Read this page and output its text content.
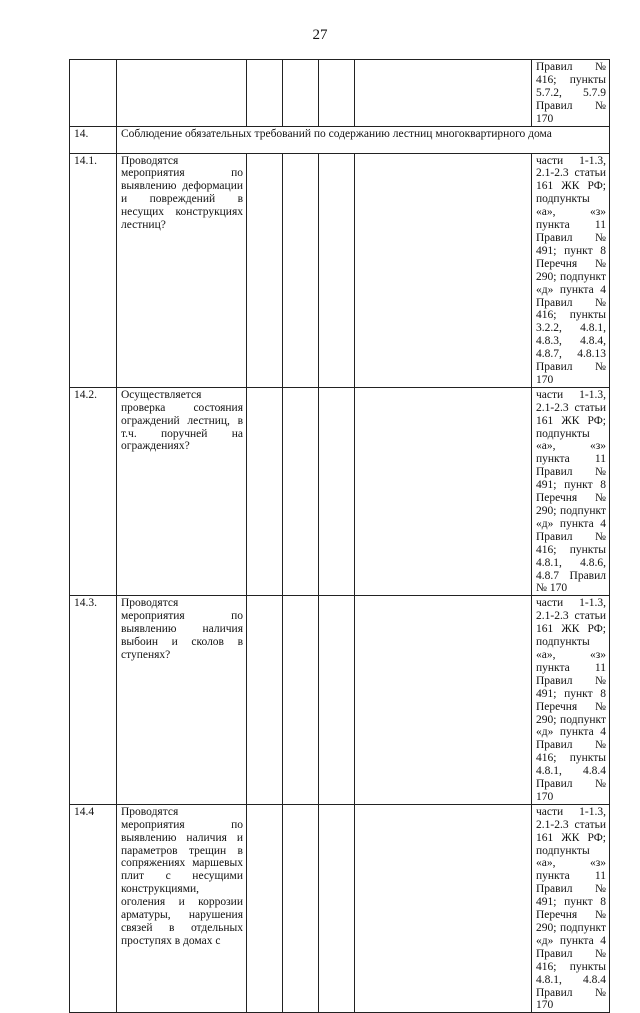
27
						Правил № 416; пункты 5.7.2, 5.7.9 Правил № 170
14.	Соблюдение обязательных требований по содержанию лестниц многоквартирного дома					
14.1.	Проводятся мероприятия по выявлению деформации и повреждений в несущих конструкциях лестниц?					части 1-1.3, 2.1-2.3 статьи 161 ЖК РФ; подпункты «а», «з» пункта 11 Правил № 491; пункт 8 Перечня № 290; подпункт «д» пункта 4 Правил № 416; пункты 3.2.2, 4.8.1, 4.8.3, 4.8.4, 4.8.7, 4.8.13 Правил № 170
14.2.	Осуществляется проверка состояния ограждений лестниц, в т.ч. поручней на ограждениях?					части 1-1.3, 2.1-2.3 статьи 161 ЖК РФ; подпункты «а», «з» пункта 11 Правил № 491; пункт 8 Перечня № 290; подпункт «д» пункта 4 Правил № 416; пункты 4.8.1, 4.8.6, 4.8.7 Правил № 170
14.3.	Проводятся мероприятия по выявлению наличия выбоин и сколов в ступенях?					части 1-1.3, 2.1-2.3 статьи 161 ЖК РФ; подпункты «а», «з» пункта 11 Правил № 491; пункт 8 Перечня № 290; подпункт «д» пункта 4 Правил № 416; пункты 4.8.1, 4.8.4 Правил № 170
14.4	Проводятся мероприятия по выявлению наличия и параметров трещин в сопряжениях маршевых плит с несущими конструкциями, оголения и коррозии арматуры, нарушения связей в отдельных проступях в домах с					части 1-1.3, 2.1-2.3 статьи 161 ЖК РФ; подпункты «а», «з» пункта 11 Правил № 491; пункт 8 Перечня № 290; подпункт «д» пункта 4 Правил № 416; пункты 4.8.1, 4.8.4 Правил № 170
